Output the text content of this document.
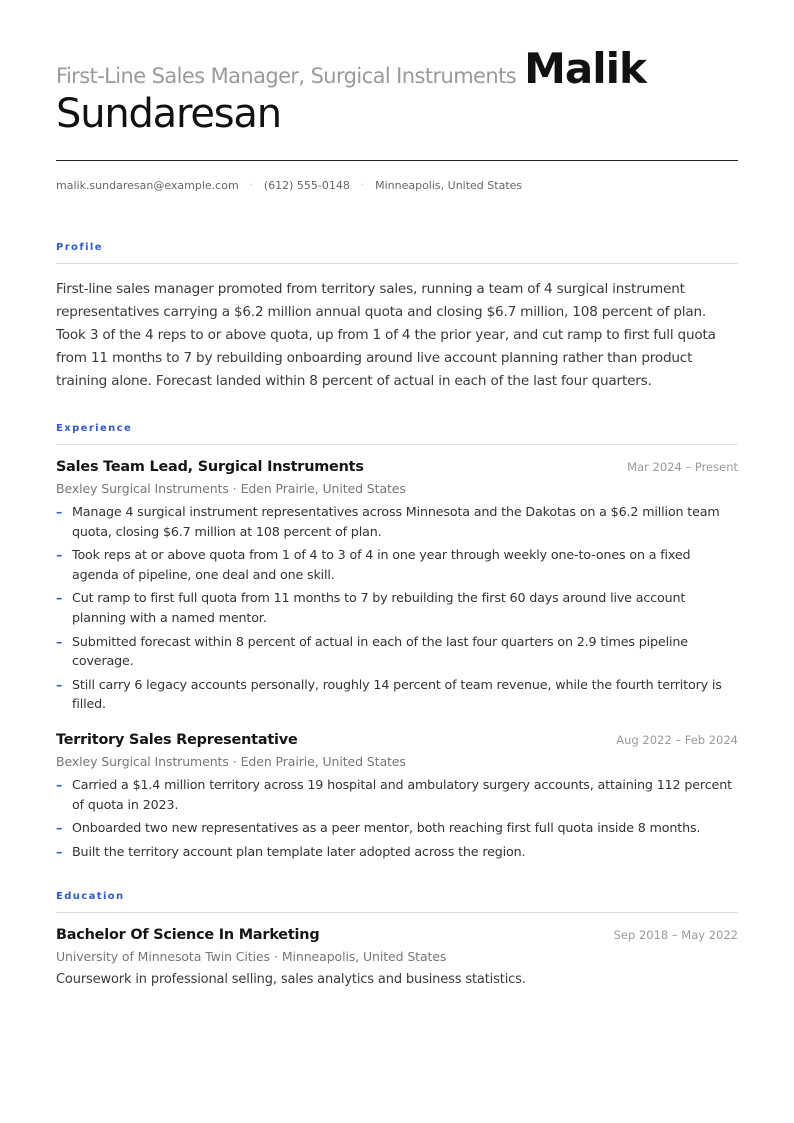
First-Line Sales Manager, Surgical Instruments Malik
Sundaresan
malik.sundaresan@example.com · (612) 555-0148 · Minneapolis, United States
Profile
First-line sales manager promoted from territory sales, running a team of 4 surgical instrument representatives carrying a $6.2 million annual quota and closing $6.7 million, 108 percent of plan. Took 3 of the 4 reps to or above quota, up from 1 of 4 the prior year, and cut ramp to first full quota from 11 months to 7 by rebuilding onboarding around live account planning rather than product training alone. Forecast landed within 8 percent of actual in each of the last four quarters.
Experience
Sales Team Lead, Surgical Instruments	Mar 2024 – Present
Bexley Surgical Instruments · Eden Prairie, United States
– Manage 4 surgical instrument representatives across Minnesota and the Dakotas on a $6.2 million team quota, closing $6.7 million at 108 percent of plan.
– Took reps at or above quota from 1 of 4 to 3 of 4 in one year through weekly one-to-ones on a fixed agenda of pipeline, one deal and one skill.
– Cut ramp to first full quota from 11 months to 7 by rebuilding the first 60 days around live account planning with a named mentor.
– Submitted forecast within 8 percent of actual in each of the last four quarters on 2.9 times pipeline coverage.
– Still carry 6 legacy accounts personally, roughly 14 percent of team revenue, while the fourth territory is filled.
Territory Sales Representative	Aug 2022 – Feb 2024
Bexley Surgical Instruments · Eden Prairie, United States
– Carried a $1.4 million territory across 19 hospital and ambulatory surgery accounts, attaining 112 percent of quota in 2023.
– Onboarded two new representatives as a peer mentor, both reaching first full quota inside 8 months.
– Built the territory account plan template later adopted across the region.
Education
Bachelor Of Science In Marketing	Sep 2018 – May 2022
University of Minnesota Twin Cities · Minneapolis, United States
Coursework in professional selling, sales analytics and business statistics.
